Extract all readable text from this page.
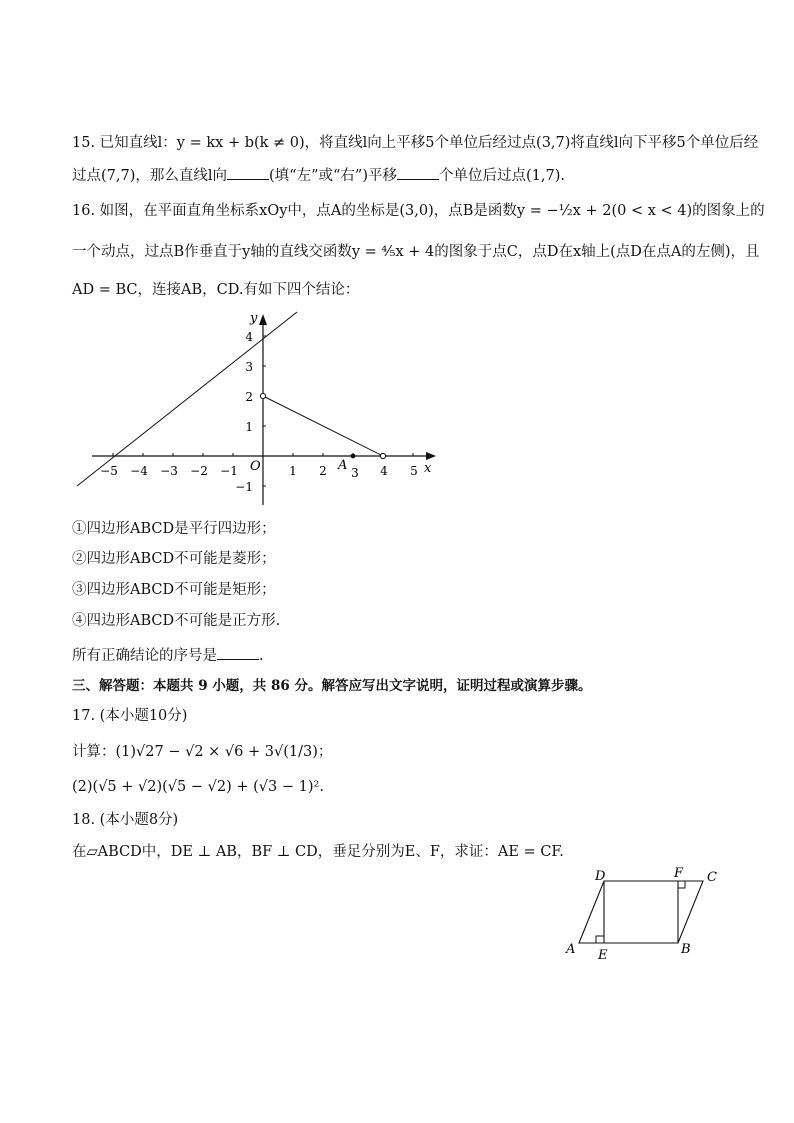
15. 已知直线l：y = kx + b(k ≠ 0)，将直线l向上平移5个单位后经过点(3,7)将直线l向下平移5个单位后经
过点(7,7)，那么直线l向	(填“左”或“右”)平移	个单位后过点(1,7).
16. 如图，在平面直角坐标系xOy中，点A的坐标是(3,0)，点B是函数y = −½x + 2(0 < x < 4)的图象上的
一个动点，过点B作垂直于y轴的直线交函数y = ⁴⁄₅x + 4的图象于点C，点D在x轴上(点D在点A的左侧)，且
AD = BC，连接AB，CD.有如下四个结论：
x
y
O
−5 −4 −3 −2 −1	1 2 3 4 5
4
3
2
1
−1
A
①四边形ABCD是平行四边形；
②四边形ABCD不可能是菱形；
③四边形ABCD不可能是矩形；
④四边形ABCD不可能是正方形.
所有正确结论的序号是	.
三、解答题：本题共 9 小题，共 86 分。解答应写出文字说明，证明过程或演算步骤。
17. (本小题10分)
计算：(1)√27 − √2 × √6 + 3√(1/3)；
(2)(√5 + √2)(√5 − √2) + (√3 − 1)².
18. (本小题8分)
在▱ABCD中，DE ⊥ AB，BF ⊥ CD，垂足分别为E、F，求证：AE = CF.
A E	B
D	F C
